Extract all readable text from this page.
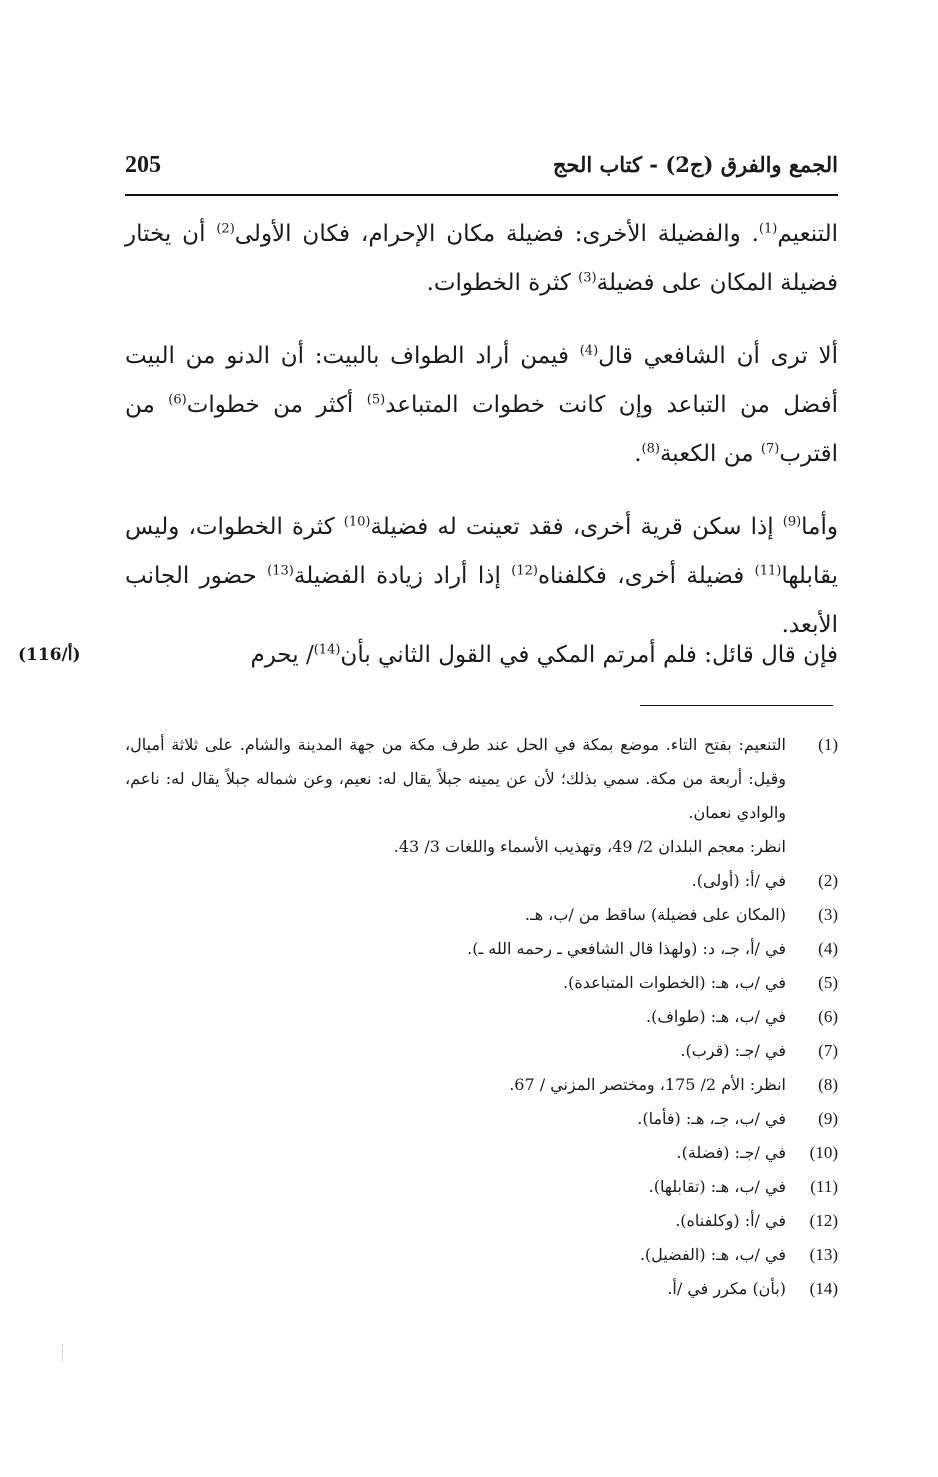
الجمع والفرق (ج2) - كتاب الحج
205

التنعيم$^{(1)}$. والفضيلة الأخرى: فضيلة مكان الإحرام، فكان الأولى$^{(2)}$ أن يختار فضيلة المكان على فضيلة$^{(3)}$ كثرة الخطوات.

ألا ترى أن الشافعي قال$^{(4)}$ فيمن أراد الطواف بالبيت: أن الدنو من البيت أفضل من التباعد وإن كانت خطوات المتباعد$^{(5)}$ أكثر من خطوات$^{(6)}$ من اقترب$^{(7)}$ من الكعبة$^{(8)}$.

وأما$^{(9)}$ إذا سكن قرية أخرى، فقد تعينت له فضيلة$^{(10)}$ كثرة الخطوات، وليس يقابلها$^{(11)}$ فضيلة أخرى، فكلفناه$^{(12)}$ إذا أراد زيادة الفضيلة$^{(13)}$ حضور الجانب الأبعد.

فإن قال قائل: فلم أمرتم المكي في القول الثاني بأن$^{(14)}$/ يحرم
(116/أ)
(1)
التنعيم: بفتح التاء. موضع بمكة في الحل عند طرف مكة من جهة المدينة والشام. على ثلاثة أميال، وقيل: أربعة من مكة. سمي بذلك؛ لأن عن يمينه جبلاً يقال له: نعيم، وعن شماله جبلاً يقال له: ناعم، والوادي نعمان.
انظر: معجم البلدان 2/ 49، وتهذيب الأسماء واللغات 3/ 43.
(2)
في /أ: (أولى).
(3)
(المكان على فضيلة) ساقط من /ب، هـ.
(4)
في /أ، جـ، د: (ولهذا قال الشافعي ـ رحمه الله ـ).
(5)
في /ب، هـ: (الخطوات المتباعدة).
(6)
في /ب، هـ: (طواف).
(7)
في /جـ: (قرب).
(8)
انظر: الأم 2/ 175، ومختصر المزني / 67.
(9)
في /ب، جـ، هـ: (فأما).
(10)
في /جـ: (فضلة).
(11)
في /ب، هـ: (تقابلها).
(12)
في /أ: (وكلفناه).
(13)
في /ب، هـ: (الفضيل).
(14)
(بأن) مكرر في /أ.
